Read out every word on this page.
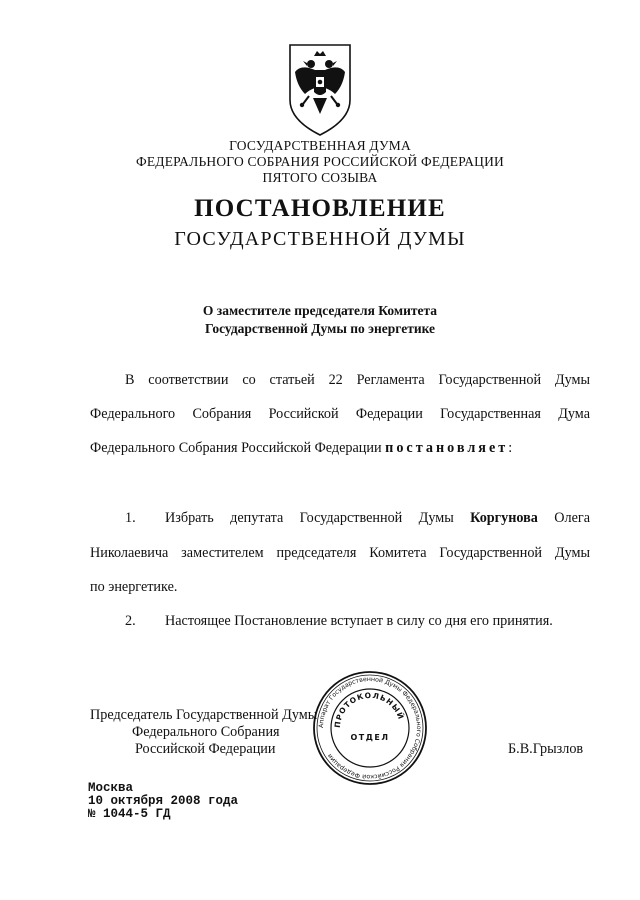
ГОСУДАРСТВЕННАЯ ДУМА
ФЕДЕРАЛЬНОГО СОБРАНИЯ РОССИЙСКОЙ ФЕДЕРАЦИИ
ПЯТОГО СОЗЫВА
ПОСТАНОВЛЕНИЕ
ГОСУДАРСТВЕННОЙ ДУМЫ
О заместителе председателя Комитета
Государственной Думы по энергетике
В соответствии со статьей 22 Регламента Государственной Думы
Федерального Собрания Российской Федерации Государственная Дума
Федерального Собрания Российской Федерации постановляет:
1. Избрать депутата Государственной Думы Коргунова Олега
Николаевича заместителем председателя Комитета Государственной Думы
по энергетике.
2. Настоящее Постановление вступает в силу со дня его принятия.
Председатель Государственной Думы
Федерального Собрания
Российской Федерации	Б.В.Грызлов
Аппарат Государственной Думы Федерального Собрания Российской Федерации
ПРОТОКОЛЬНЫЙ
ОТДЕЛ
Москва
10 октября 2008 года
№ 1044-5 ГД
